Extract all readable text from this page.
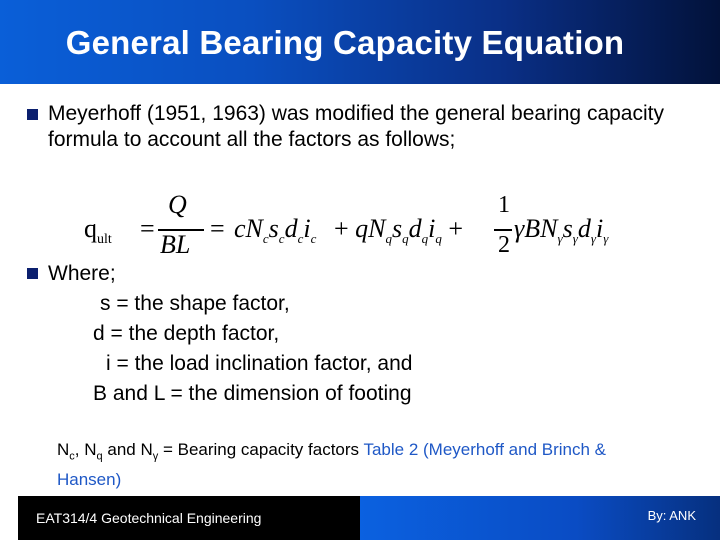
General Bearing Capacity Equation
Meyerhoff (1951, 1963) was modified the general bearing capacity formula to account all the factors as follows;
$q_{ult}$ =
Q
BL
= $cN_cs_cd_ci_c + qN_qs_qd_qi_q$ +
1
2
$\gamma BN_\gamma s_\gamma d_\gamma i_\gamma$
Where;
s = the shape factor,
d = the depth factor,
i = the load inclination factor, and
B and L = the dimension of footing
$N_c$, $N_q$ and $N_\gamma$ = Bearing capacity factors Table 2 (Meyerhoff and Brinch & Hansen)
EAT314/4 Geotechnical Engineering	By: ANK
